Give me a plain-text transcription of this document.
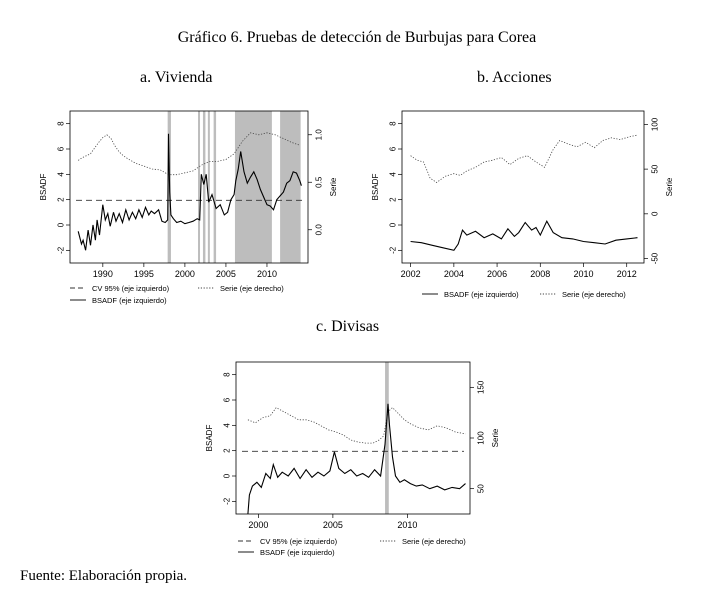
Gráfico 6. Pruebas de detección de Burbujas para Corea
a. Vivienda	b. Acciones
c. Divisas
-2
0
2
4
6
8
0.0
0.5
1.0
1990 1995 2000 2005 2010
BSADF	Serie
CV 95% (eje izquierdo)	Serie (eje derecho)
BSADF (eje izquierdo)
-2
0
2
4
6
8
-50
0
50
100
2002	2004	2006	2008	2010	2012
BSADF	Serie
BSADF (eje izquierdo)	Serie (eje derecho)
-2
0
2
4
6
8
50
100
150
2000	2005	2010
BSADF	Serie
CV 95% (eje izquierdo)	Serie (eje derecho)
BSADF (eje izquierdo)
Fuente: Elaboración propia.
